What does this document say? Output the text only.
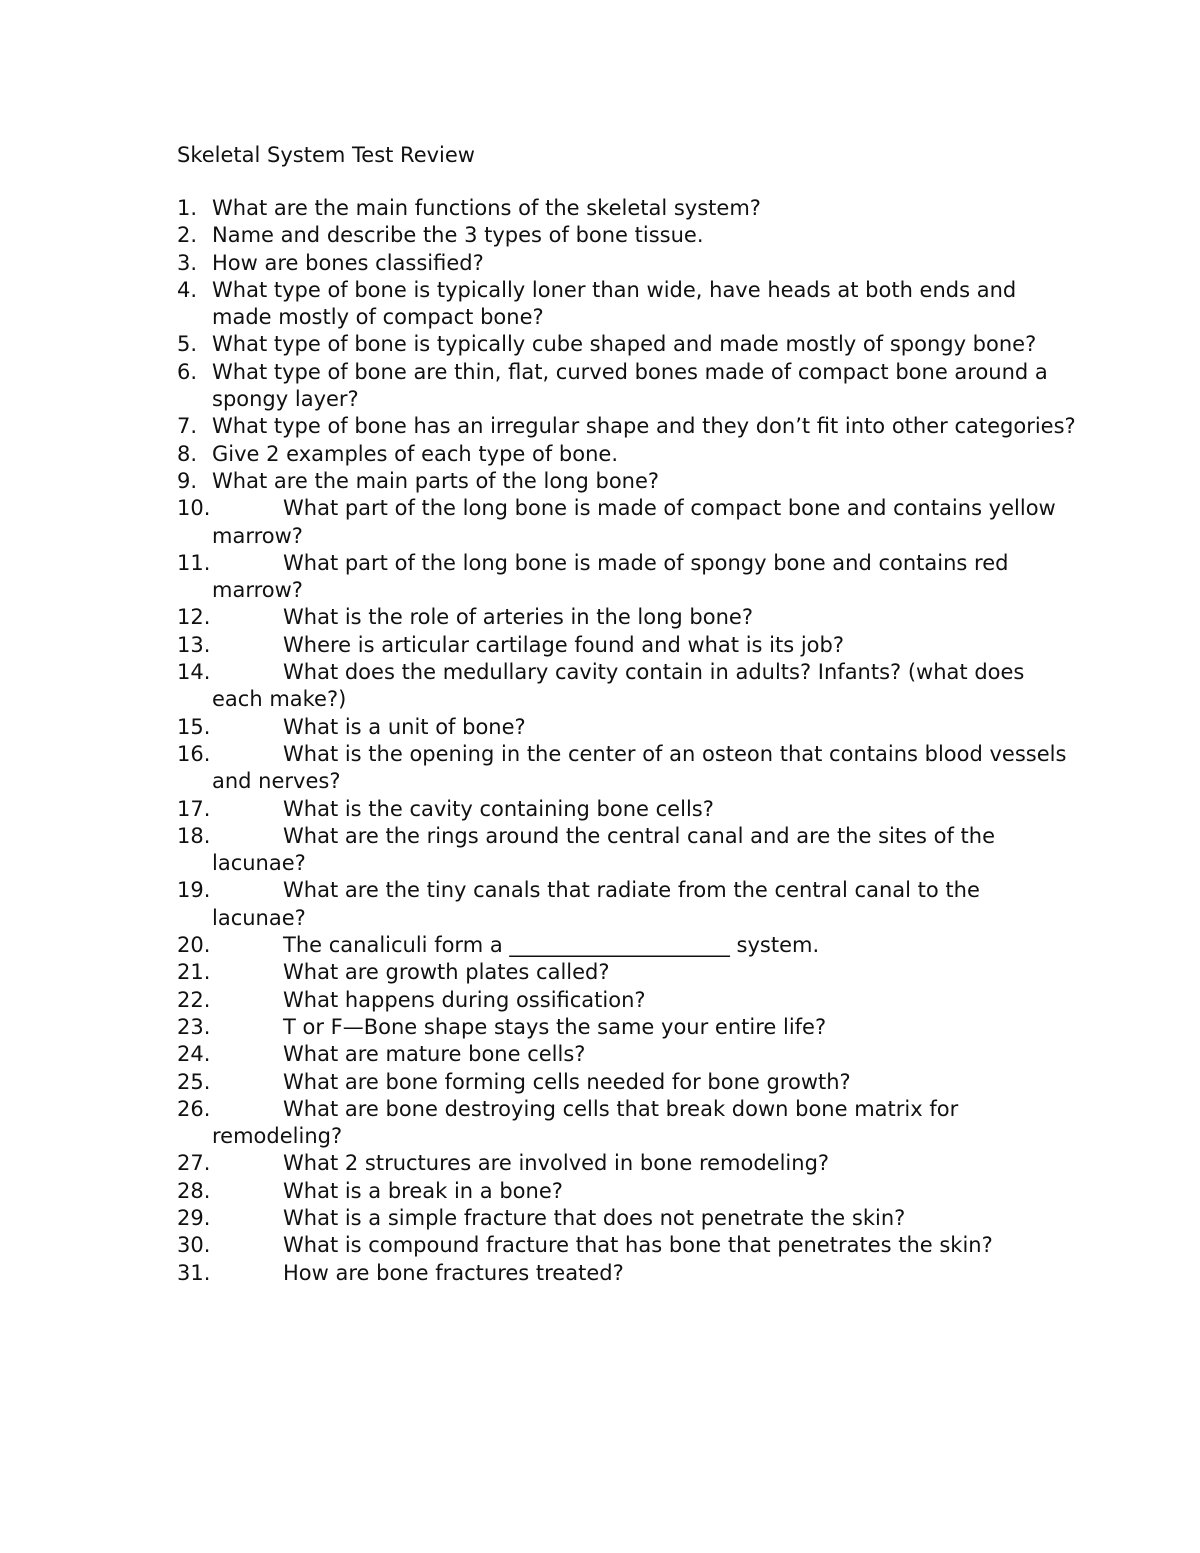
Skeletal System Test Review
1. What are the main functions of the skeletal system?
2. Name and describe the 3 types of bone tissue.
3. How are bones classified?
4. What type of bone is typically loner than wide, have heads at both ends and made mostly of compact bone?
5. What type of bone is typically cube shaped and made mostly of spongy bone?
6. What type of bone are thin, flat, curved bones made of compact bone around a spongy layer?
7. What type of bone has an irregular shape and they don’t fit into other categories?
8. Give 2 examples of each type of bone.
9. What are the main parts of the long bone?
10.	What part of the long bone is made of compact bone and contains yellow marrow?
11.	What part of the long bone is made of spongy bone and contains red marrow?
12.	What is the role of arteries in the long bone?
13.	Where is articular cartilage found and what is its job?
14.	What does the medullary cavity contain in adults? Infants? (what does each make?)
15.	What is a unit of bone?
16.	What is the opening in the center of an osteon that contains blood vessels and nerves?
17.	What is the cavity containing bone cells?
18.	What are the rings around the central canal and are the sites of the lacunae?
19.	What are the tiny canals that radiate from the central canal to the lacunae?
20.	The canaliculi form a _____________________ system.
21.	What are growth plates called?
22.	What happens during ossification?
23.	T or F—Bone shape stays the same your entire life?
24.	What are mature bone cells?
25.	What are bone forming cells needed for bone growth?
26.	What are bone destroying cells that break down bone matrix for remodeling?
27.	What 2 structures are involved in bone remodeling?
28.	What is a break in a bone?
29.	What is a simple fracture that does not penetrate the skin?
30.	What is compound fracture that has bone that penetrates the skin?
31.	How are bone fractures treated?
